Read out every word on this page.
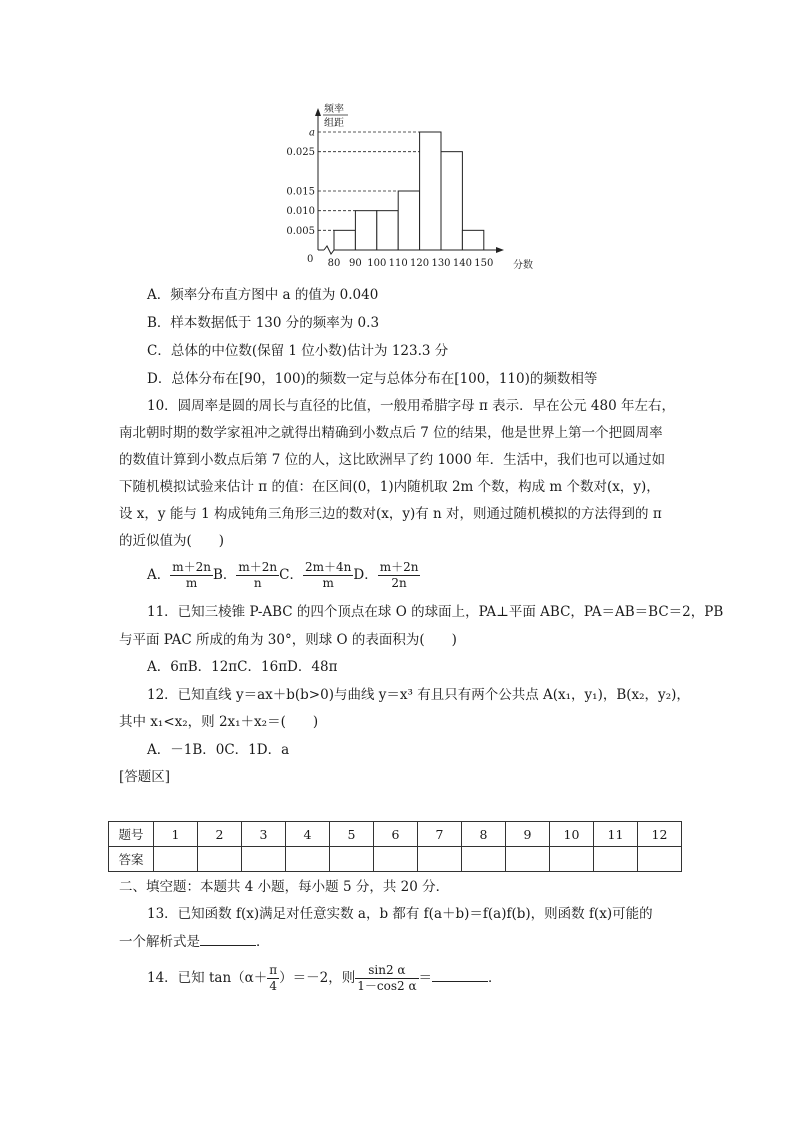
频率
组距
0
分数
a
0.025
0.015
0.010
0.005
80 90 100 110 120 130 140 150
A．频率分布直方图中 a 的值为 0.040
B．样本数据低于 130 分的频率为 0.3
C．总体的中位数(保留 1 位小数)估计为 123.3 分
D．总体分布在[90，100)的频数一定与总体分布在[100，110)的频数相等
10．圆周率是圆的周长与直径的比值，一般用希腊字母 π 表示．早在公元 480 年左右，
南北朝时期的数学家祖冲之就得出精确到小数点后 7 位的结果，他是世界上第一个把圆周率
的数值计算到小数点后第 7 位的人，这比欧洲早了约 1000 年．生活中，我们也可以通过如
下随机模拟试验来估计 π 的值：在区间(0，1)内随机取 2m 个数，构成 m 个数对(x，y)，
设 x，y 能与 1 构成钝角三角形三边的数对(x，y)有 n 对，则通过随机模拟的方法得到的 π
的近似值为(　　)
A． $\frac{m+2n}{m}$ B． $\frac{m+2n}{n}$ C． $\frac{2m+4n}{m}$ D． $\frac{m+2n}{2n}$
11．已知三棱锥 P-ABC 的四个顶点在球 O 的球面上，PA⊥平面 ABC，PA＝AB＝BC＝2，PB
与平面 PAC 所成的角为 30°，则球 O 的表面积为(　　)
A．6πB．12πC．16πD．48π
12．已知直线 y＝ax＋b(b>0)与曲线 y＝x³ 有且只有两个公共点 A(x₁，y₁)，B(x₂，y₂)，
其中 x₁<x₂，则 2x₁＋x₂＝(　　)
A．－1B．0C．1D．a
[答题区]
题号	1	2	3	4	5	6	7	8	9	10	11	12
答案												
二、填空题：本题共 4 小题，每小题 5 分，共 20 分．
13．已知函数 f(x)满足对任意实数 a，b 都有 f(a＋b)＝f(a)f(b)，则函数 f(x)可能的
一个解析式是	．
14．已知 $\tan(\alpha+ \frac{\pi}{4} )=-2$，则 $\frac{\sin 2 \alpha}{1-\cos 2 \alpha}$ ＝	．
